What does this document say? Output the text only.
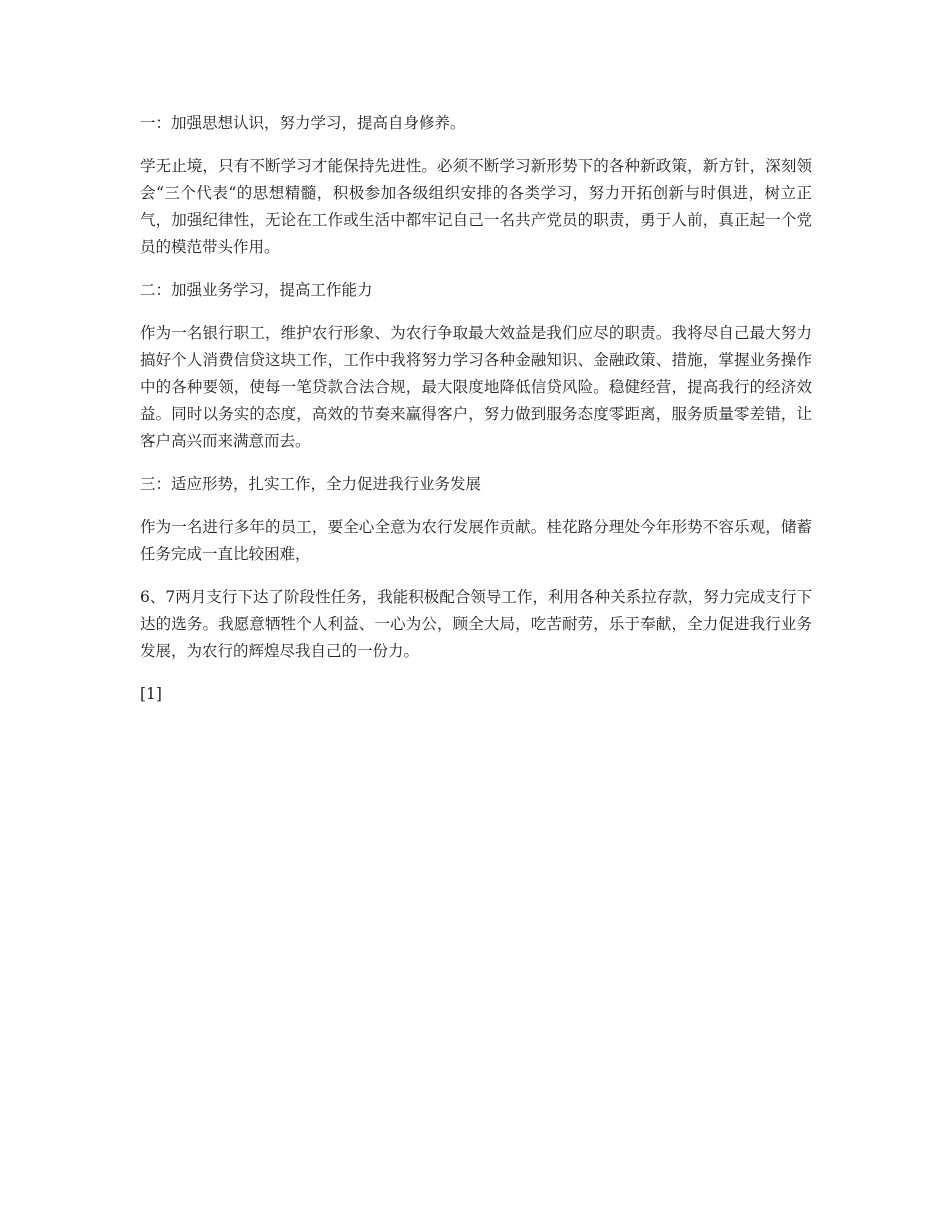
一：加强思想认识，努力学习，提高自身修养。

学无止境，只有不断学习才能保持先进性。必须不断学习新形势下的各种新政策，新方针，深刻领会“三个代表“的思想精髓，积极参加各级组织安排的各类学习，努力开拓创新与时俱进，树立正气，加强纪律性，无论在工作或生活中都牢记自己一名共产党员的职责，勇于人前，真正起一个党员的模范带头作用。

二：加强业务学习，提高工作能力

作为一名银行职工，维护农行形象、为农行争取最大效益是我们应尽的职责。我将尽自己最大努力搞好个人消费信贷这块工作，工作中我将努力学习各种金融知识、金融政策、措施，掌握业务操作中的各种要领，使每一笔贷款合法合规，最大限度地降低信贷风险。稳健经营，提高我行的经济效益。同时以务实的态度，高效的节奏来赢得客户，努力做到服务态度零距离，服务质量零差错，让客户高兴而来满意而去。

三：适应形势，扎实工作，全力促进我行业务发展

作为一名进行多年的员工，要全心全意为农行发展作贡献。桂花路分理处今年形势不容乐观，储蓄任务完成一直比较困难，

6、7两月支行下达了阶段性任务，我能积极配合领导工作，利用各种关系拉存款，努力完成支行下达的选务。我愿意牺牲个人利益、一心为公，顾全大局，吃苦耐劳，乐于奉献，全力促进我行业务发展，为农行的辉煌尽我自己的一份力。

[1]
